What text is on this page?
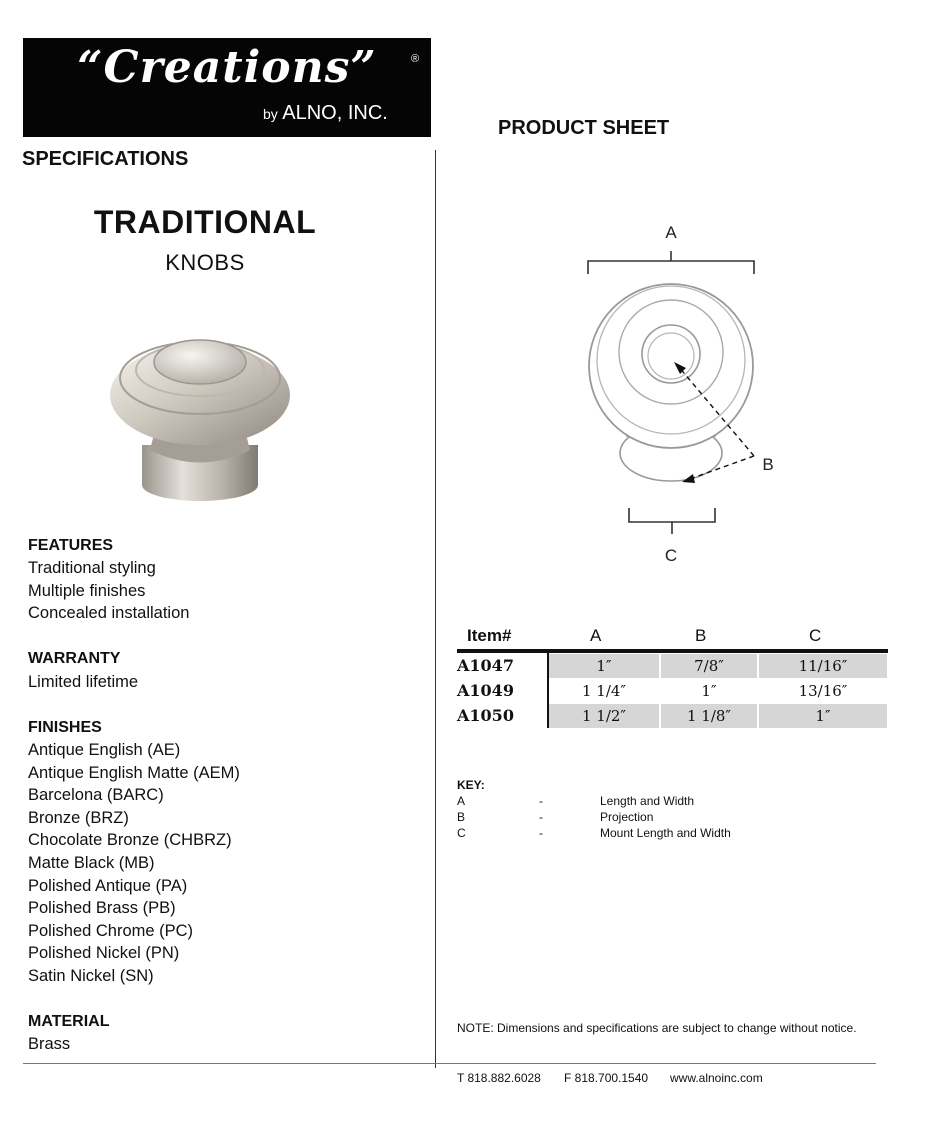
“Creations”	®
by ALNO, INC.
PRODUCT SHEET
SPECIFICATIONS
TRADITIONAL
KNOBS
FEATURES
Traditional styling
Multiple finishes
Concealed installation
WARRANTY
Limited lifetime
FINISHES
Antique English (AE)
Antique English Matte (AEM)
Barcelona (BARC)
Bronze (BRZ)
Chocolate Bronze (CHBRZ)
Matte Black (MB)
Polished Antique (PA)
Polished Brass (PB)
Polished Chrome (PC)
Polished Nickel (PN)
Satin Nickel (SN)
MATERIAL
Brass
A
B
C
Item#	A	B	C
A1047	1″	7/8″	11/16″
A1049	1 1/4″	1″	13/16″
A1050	1 1/2″	1 1/8″	1″
KEY:
A	-	Length and Width
B	-	Projection
C	-	Mount Length and Width
NOTE: Dimensions and specifications are subject to change without notice.
T 818.882.6028 F 818.700.1540 www.alnoinc.com
